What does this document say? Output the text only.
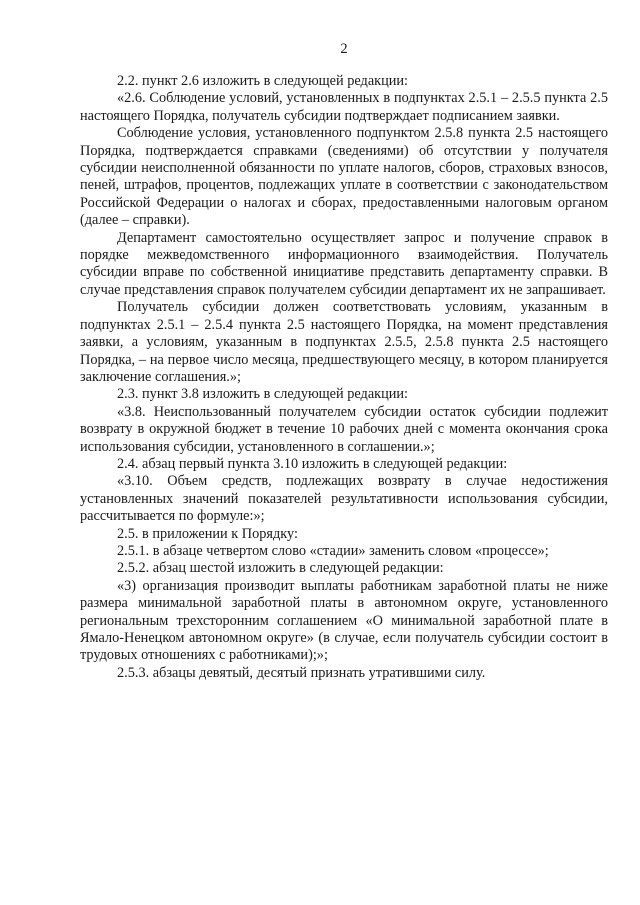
2

2.2. пункт 2.6 изложить в следующей редакции:

«2.6. Соблюдение условий, установленных в подпунктах 2.5.1 – 2.5.5 пункта 2.5 настоящего Порядка, получатель субсидии подтверждает подписанием заявки.

Соблюдение условия, установленного подпунктом 2.5.8 пункта 2.5 настоящего Порядка, подтверждается справками (сведениями) об отсутствии у получателя субсидии неисполненной обязанности по уплате налогов, сборов, страховых взносов, пеней, штрафов, процентов, подлежащих уплате в соответствии с законодательством Российской Федерации о налогах и сборах, предоставленными налоговым органом (далее – справки).

Департамент самостоятельно осуществляет запрос и получение справок в порядке межведомственного информационного взаимодействия. Получатель субсидии вправе по собственной инициативе представить департаменту справки. В случае представления справок получателем субсидии департамент их не запрашивает.

Получатель субсидии должен соответствовать условиям, указанным в подпунктах 2.5.1 – 2.5.4 пункта 2.5 настоящего Порядка, на момент представления заявки, а условиям, указанным в подпунктах 2.5.5, 2.5.8 пункта 2.5 настоящего Порядка, – на первое число месяца, предшествующего месяцу, в котором планируется заключение соглашения.»;

2.3. пункт 3.8 изложить в следующей редакции:

«3.8. Неиспользованный получателем субсидии остаток субсидии подлежит возврату в окружной бюджет в течение 10 рабочих дней с момента окончания срока использования субсидии, установленного в соглашении.»;

2.4. абзац первый пункта 3.10 изложить в следующей редакции:

«3.10. Объем средств, подлежащих возврату в случае недостижения установленных значений показателей результативности использования субсидии, рассчитывается по формуле:»;

2.5. в приложении к Порядку:

2.5.1. в абзаце четвертом слово «стадии» заменить словом «процессе»;

2.5.2. абзац шестой изложить в следующей редакции:

«3) организация производит выплаты работникам заработной платы не ниже размера минимальной заработной платы в автономном округе, установленного региональным трехсторонним соглашением «О минимальной заработной плате в Ямало-Ненецком автономном округе» (в случае, если получатель субсидии состоит в трудовых отношениях с работниками);»;

2.5.3. абзацы девятый, десятый признать утратившими силу.
